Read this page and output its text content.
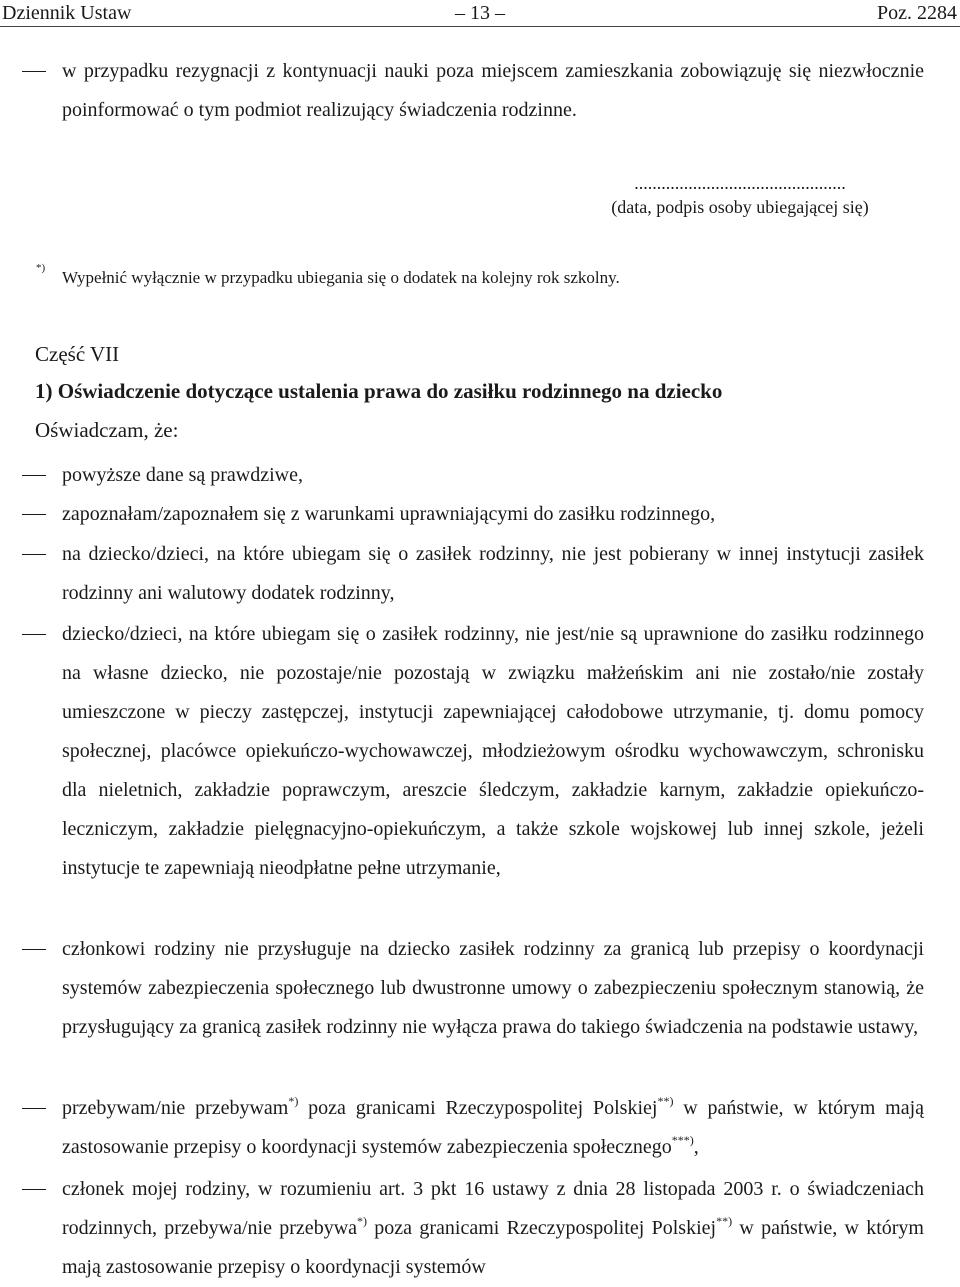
Dziennik Ustaw	– 13 –	Poz. 2284
w przypadku rezygnacji z kontynuacji nauki poza miejscem zamieszkania zobowiązuję się niezwłocznie poinformować o tym podmiot realizujący świadczenia rodzinne.
...............................................
(data, podpis osoby ubiegającej się)
*) Wypełnić wyłącznie w przypadku ubiegania się o dodatek na kolejny rok szkolny.
Część VII
1) Oświadczenie dotyczące ustalenia prawa do zasiłku rodzinnego na dziecko
Oświadczam, że:
powyższe dane są prawdziwe,
zapoznałam/zapoznałem się z warunkami uprawniającymi do zasiłku rodzinnego,
na dziecko/dzieci, na które ubiegam się o zasiłek rodzinny, nie jest pobierany w innej instytucji zasiłek rodzinny ani walutowy dodatek rodzinny,
dziecko/dzieci, na które ubiegam się o zasiłek rodzinny, nie jest/nie są uprawnione do zasiłku rodzinnego na własne dziecko, nie pozostaje/nie pozostają w związku małżeńskim ani nie zostało/nie zostały umieszczone w pieczy zastępczej, instytucji zapewniającej całodobowe utrzymanie, tj. domu pomocy społecznej, placówce opiekuńczo-wychowawczej, młodzieżowym ośrodku wychowawczym, schronisku dla nieletnich, zakładzie poprawczym, areszcie śledczym, zakładzie karnym, zakładzie opiekuńczo-leczniczym, zakładzie pielęgnacyjno-opiekuńczym, a także szkole wojskowej lub innej szkole, jeżeli instytucje te zapewniają nieodpłatne pełne utrzymanie,
członkowi rodziny nie przysługuje na dziecko zasiłek rodzinny za granicą lub przepisy o koordynacji systemów zabezpieczenia społecznego lub dwustronne umowy o zabezpieczeniu społecznym stanowią, że przysługujący za granicą zasiłek rodzinny nie wyłącza prawa do takiego świadczenia na podstawie ustawy,
przebywam/nie przebywam*) poza granicami Rzeczypospolitej Polskiej**) w państwie, w którym mają zastosowanie przepisy o koordynacji systemów zabezpieczenia społecznego***),
członek mojej rodziny, w rozumieniu art. 3 pkt 16 ustawy z dnia 28 listopada 2003 r. o świadczeniach rodzinnych, przebywa/nie przebywa*) poza granicami Rzeczypospolitej Polskiej**) w państwie, w którym mają zastosowanie przepisy o koordynacji systemów
